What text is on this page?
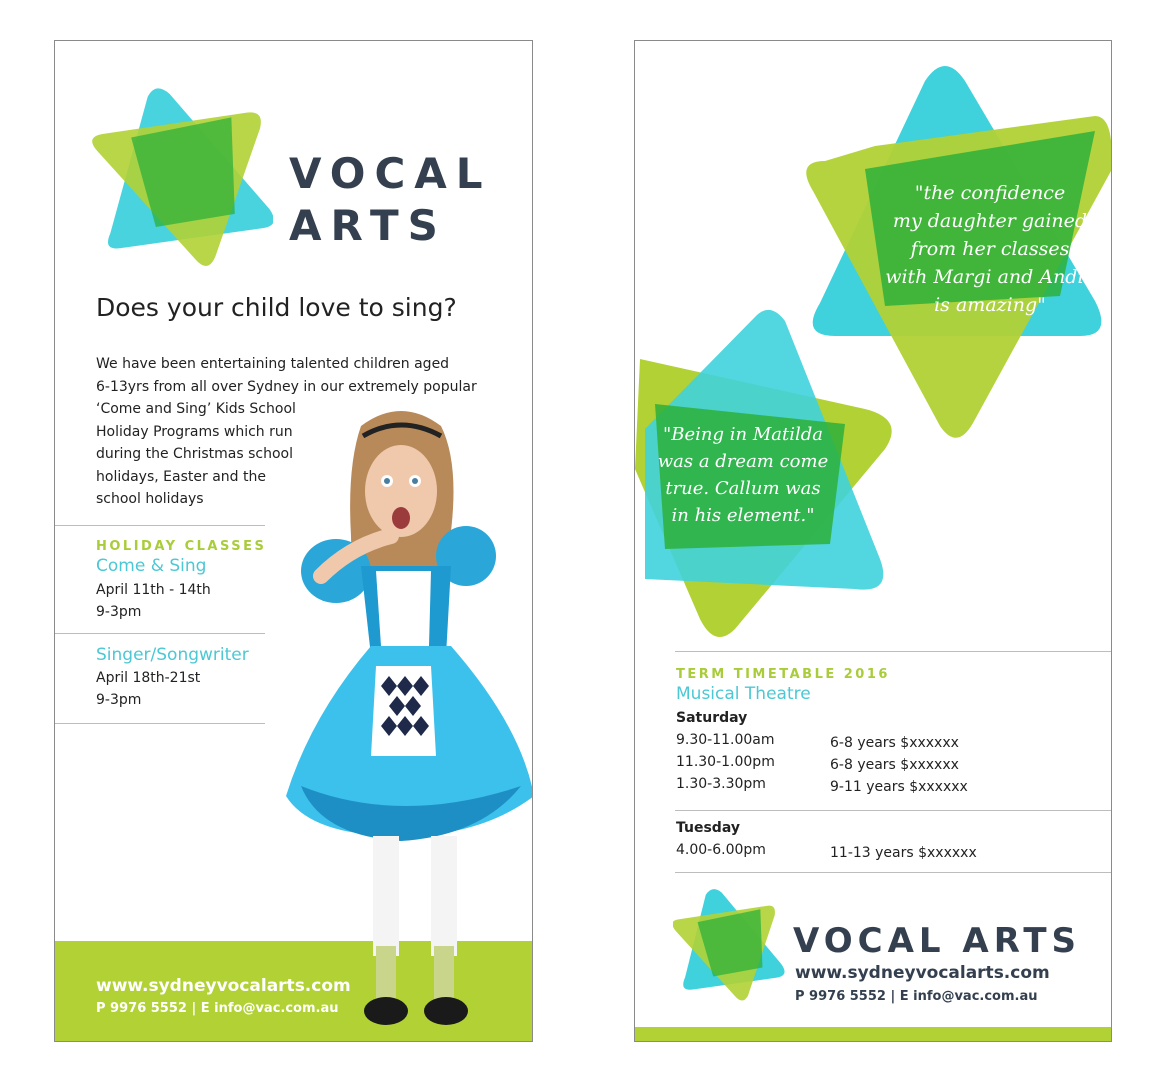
VOCAL
ARTS
Does your child love to sing?
We have been entertaining talented children aged
6-13yrs from all over Sydney in our extremely popular
‘Come and Sing’ Kids School
Holiday Programs which run
during the Christmas school
holidays, Easter and the
school holidays
HOLIDAY CLASSES
Come & Sing
April 11th - 14th
9-3pm
Singer/Songwriter
April 18th-21st
9-3pm
www.sydneyvocalarts.com
P 9976 5552 | E info@vac.com.au
"the confidence
my daughter gained
from her classes
with Margi and Andie
is amazing"
"Being in Matilda
was a dream come
true. Callum was
in his element."
TERM TIMETABLE 2016
Musical Theatre
Saturday
9.30-11.00am
11.30-1.00pm
1.30-3.30pm
6-8 years $xxxxxx
6-8 years $xxxxxx
9-11 years $xxxxxx
Tuesday
4.00-6.00pm	11-13 years $xxxxxx
VOCAL ARTS
www.sydneyvocalarts.com
P 9976 5552 | E info@vac.com.au
